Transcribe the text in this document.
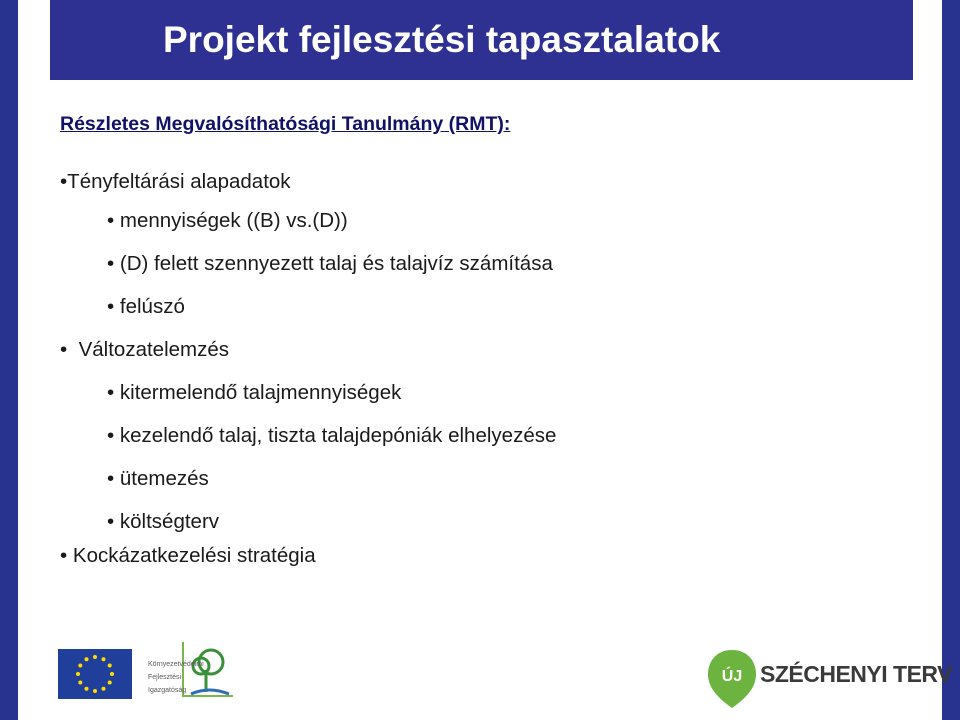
Projekt fejlesztési tapasztalatok

Részletes Megvalósíthatósági Tanulmány (RMT):

•Tényfeltárási alapadatok

• mennyiségek ((B) vs.(D))

• (D) felett szennyezett talaj és talajvíz számítása

• felúszó

• Változatelemzés

• kitermelendő talajmennyiségek

• kezelendő talaj, tiszta talajdepóniák elhelyezése

• ütemezés

• költségterv

• Kockázatkezelési stratégia

Környezetvédelmi
Fejlesztési
Igazgatóság
ÚJ SZÉCHENYI TERV
